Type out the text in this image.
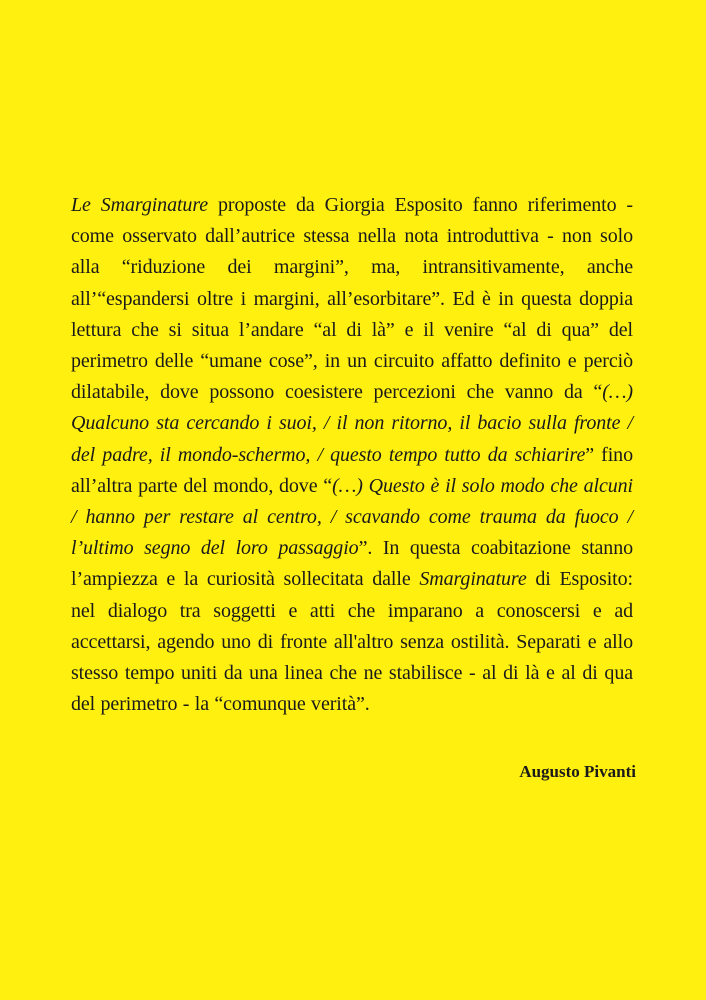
Le Smarginature proposte da Giorgia Esposito fanno riferimento - come osservato dall’autrice stessa nella nota introduttiva - non solo alla “riduzione dei margini”, ma, intransitivamente, anche all’“espandersi oltre i margini, all’esorbitare”. Ed è in questa doppia lettura che si situa l’andare “al di là” e il venire “al di qua” del perimetro delle “umane cose”, in un circuito affatto definito e perciò dilatabile, dove possono coesistere percezioni che vanno da “(…) Qualcuno sta cercando i suoi, / il non ritorno, il bacio sulla fronte / del padre, il mondo-schermo, / questo tempo tutto da schiarire” fino all’altra parte del mondo, dove “(…) Questo è il solo modo che alcuni / hanno per restare al centro, / scavando come trauma da fuoco / l’ultimo segno del loro passaggio”. In questa coabitazione stanno l’ampiezza e la curiosità sollecitata dalle Smarginature di Esposito: nel dialogo tra soggetti e atti che imparano a conoscersi e ad accettarsi, agendo uno di fronte all'altro senza ostilità. Separati e allo stesso tempo uniti da una linea che ne stabilisce - al di là e al di qua del perimetro - la “comunque verità”.

Augusto Pivanti
